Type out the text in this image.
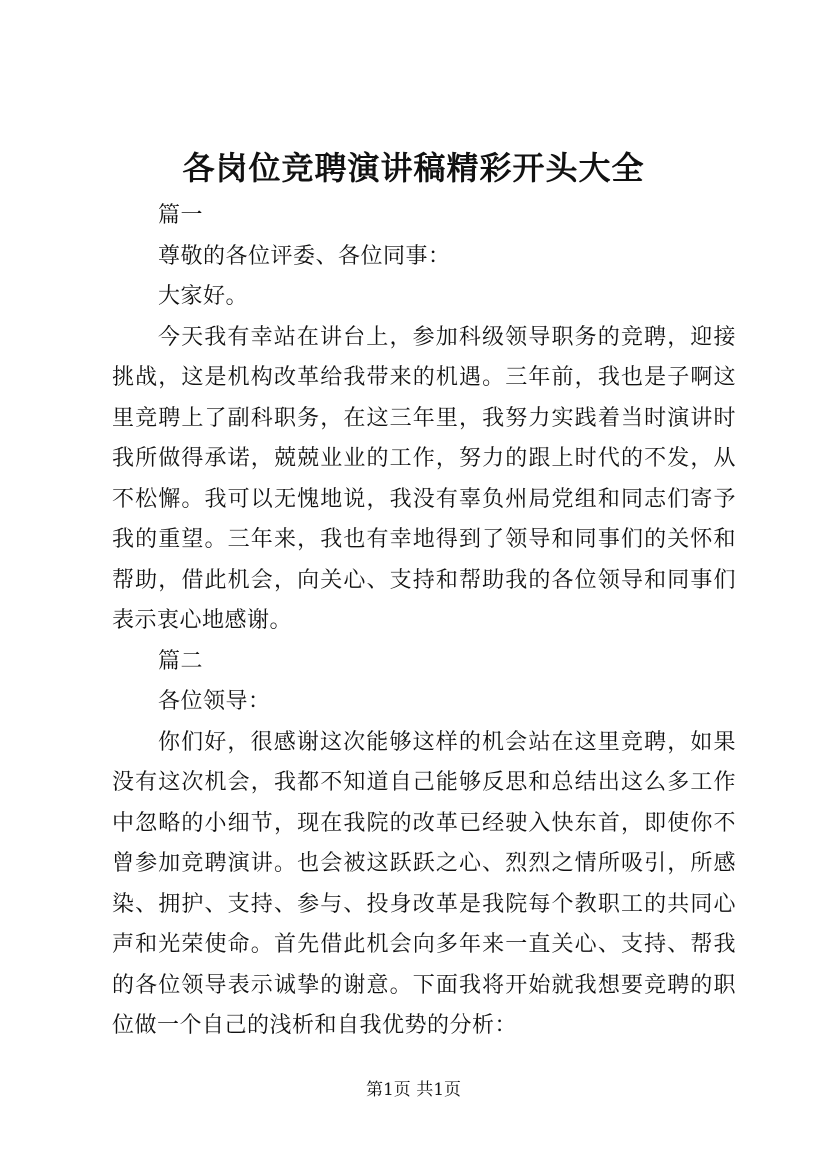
各岗位竞聘演讲稿精彩开头大全

篇一

尊敬的各位评委、各位同事：

大家好。

今天我有幸站在讲台上，参加科级领导职务的竞聘，迎接挑战，这是机构改革给我带来的机遇。三年前，我也是子啊这里竞聘上了副科职务，在这三年里，我努力实践着当时演讲时我所做得承诺，兢兢业业的工作，努力的跟上时代的不发，从不松懈。我可以无愧地说，我没有辜负州局党组和同志们寄予我的重望。三年来，我也有幸地得到了领导和同事们的关怀和帮助，借此机会，向关心、支持和帮助我的各位领导和同事们表示衷心地感谢。

篇二

各位领导：

你们好，很感谢这次能够这样的机会站在这里竞聘，如果没有这次机会，我都不知道自己能够反思和总结出这么多工作中忽略的小细节，现在我院的改革已经驶入快东首，即使你不曾参加竞聘演讲。也会被这跃跃之心、烈烈之情所吸引，所感染、拥护、支持、参与、投身改革是我院每个教职工的共同心声和光荣使命。首先借此机会向多年来一直关心、支持、帮我的各位领导表示诚挚的谢意。下面我将开始就我想要竞聘的职位做一个自己的浅析和自我优势的分析：

第1页 共1页
